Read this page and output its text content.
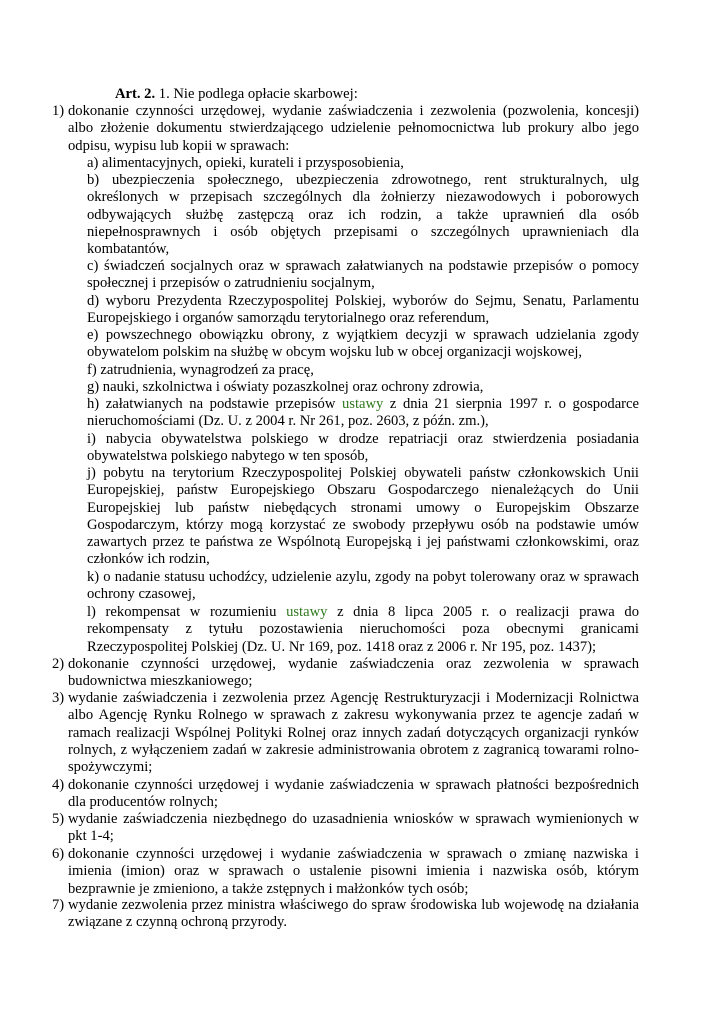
Art. 2. 1. Nie podlega opłacie skarbowej:

1) dokonanie czynności urzędowej, wydanie zaświadczenia i zezwolenia (pozwolenia, koncesji) albo złożenie dokumentu stwierdzającego udzielenie pełnomocnictwa lub prokury albo jego odpisu, wypisu lub kopii w sprawach:

a) alimentacyjnych, opieki, kurateli i przysposobienia,

b) ubezpieczenia społecznego, ubezpieczenia zdrowotnego, rent strukturalnych, ulg określonych w przepisach szczególnych dla żołnierzy niezawodowych i poborowych odbywających służbę zastępczą oraz ich rodzin, a także uprawnień dla osób niepełnosprawnych i osób objętych przepisami o szczególnych uprawnieniach dla kombatantów,

c) świadczeń socjalnych oraz w sprawach załatwianych na podstawie przepisów o pomocy społecznej i przepisów o zatrudnieniu socjalnym,

d) wyboru Prezydenta Rzeczypospolitej Polskiej, wyborów do Sejmu, Senatu, Parlamentu Europejskiego i organów samorządu terytorialnego oraz referendum,

e) powszechnego obowiązku obrony, z wyjątkiem decyzji w sprawach udzielania zgody obywatelom polskim na służbę w obcym wojsku lub w obcej organizacji wojskowej,

f) zatrudnienia, wynagrodzeń za pracę,

g) nauki, szkolnictwa i oświaty pozaszkolnej oraz ochrony zdrowia,

h) załatwianych na podstawie przepisów ustawy z dnia 21 sierpnia 1997 r. o gospodarce nieruchomościami (Dz. U. z 2004 r. Nr 261, poz. 2603, z późn. zm.),

i) nabycia obywatelstwa polskiego w drodze repatriacji oraz stwierdzenia posiadania obywatelstwa polskiego nabytego w ten sposób,

j) pobytu na terytorium Rzeczypospolitej Polskiej obywateli państw członkowskich Unii Europejskiej, państw Europejskiego Obszaru Gospodarczego nienależących do Unii Europejskiej lub państw niebędących stronami umowy o Europejskim Obszarze Gospodarczym, którzy mogą korzystać ze swobody przepływu osób na podstawie umów zawartych przez te państwa ze Wspólnotą Europejską i jej państwami członkowskimi, oraz członków ich rodzin,

k) o nadanie statusu uchodźcy, udzielenie azylu, zgody na pobyt tolerowany oraz w sprawach ochrony czasowej,

l) rekompensat w rozumieniu ustawy z dnia 8 lipca 2005 r. o realizacji prawa do rekompensaty z tytułu pozostawienia nieruchomości poza obecnymi granicami Rzeczypospolitej Polskiej (Dz. U. Nr 169, poz. 1418 oraz z 2006 r. Nr 195, poz. 1437);

2) dokonanie czynności urzędowej, wydanie zaświadczenia oraz zezwolenia w sprawach budownictwa mieszkaniowego;

3) wydanie zaświadczenia i zezwolenia przez Agencję Restrukturyzacji i Modernizacji Rolnictwa albo Agencję Rynku Rolnego w sprawach z zakresu wykonywania przez te agencje zadań w ramach realizacji Wspólnej Polityki Rolnej oraz innych zadań dotyczących organizacji rynków rolnych, z wyłączeniem zadań w zakresie administrowania obrotem z zagranicą towarami rolno-spożywczymi;

4) dokonanie czynności urzędowej i wydanie zaświadczenia w sprawach płatności bezpośrednich dla producentów rolnych;

5) wydanie zaświadczenia niezbędnego do uzasadnienia wniosków w sprawach wymienionych w pkt 1-4;

6) dokonanie czynności urzędowej i wydanie zaświadczenia w sprawach o zmianę nazwiska i imienia (imion) oraz w sprawach o ustalenie pisowni imienia i nazwiska osób, którym bezprawnie je zmieniono, a także zstępnych i małżonków tych osób;

7) wydanie zezwolenia przez ministra właściwego do spraw środowiska lub wojewodę na działania związane z czynną ochroną przyrody.
